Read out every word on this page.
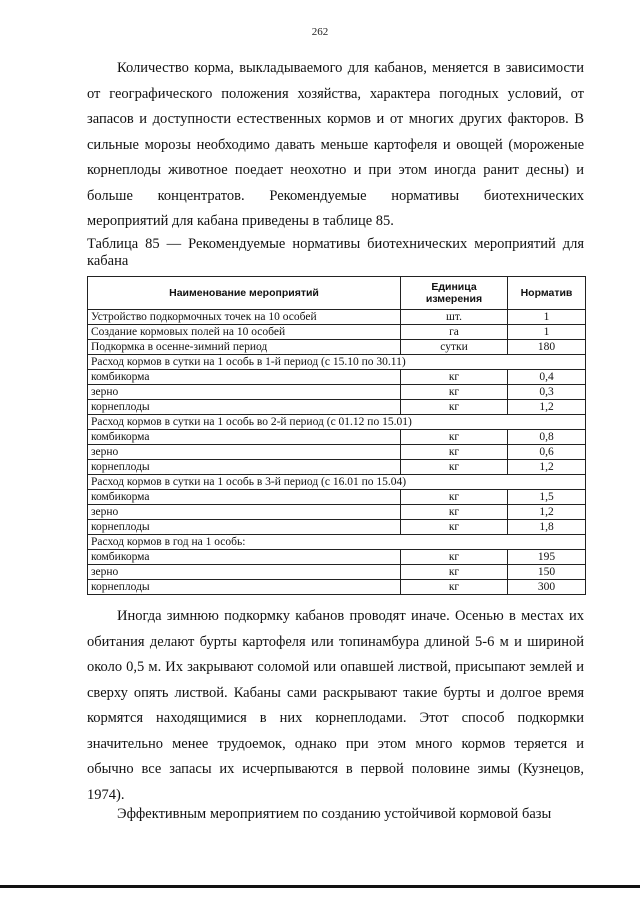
262

Количество корма, выкладываемого для кабанов, меняется в зависимости от географического положения хозяйства, характера погодных условий, от запасов и доступности естественных кормов и от многих других факторов. В сильные морозы необходимо давать меньше картофеля и овощей (мороженые корнеплоды животное поедает неохотно и при этом иногда ранит десны) и больше концентратов. Рекомендуемые нормативы биотехнических мероприятий для кабана приведены в таблице 85.

Таблица 85 — Рекомендуемые нормативы биотехнических мероприятий для кабана

Наименование мероприятий	Единица измерения	Норматив
Устройство подкормочных точек на 10 особей	шт.	1
Создание кормовых полей на 10 особей	га	1
Подкормка в осенне-зимний период	сутки	180
Расход кормов в сутки на 1 особь в 1-й период (с 15.10 по 30.11)		
комбикорма	кг	0,4
зерно	кг	0,3
корнеплоды	кг	1,2
Расход кормов в сутки на 1 особь во 2-й период (с 01.12 по 15.01)		
комбикорма	кг	0,8
зерно	кг	0,6
корнеплоды	кг	1,2
Расход кормов в сутки на 1 особь в 3-й период (с 16.01 по 15.04)		
комбикорма	кг	1,5
зерно	кг	1,2
корнеплоды	кг	1,8
Расход кормов в год на 1 особь:		
комбикорма	кг	195
зерно	кг	150
корнеплоды	кг	300

Иногда зимнюю подкормку кабанов проводят иначе. Осенью в местах их обитания делают бурты картофеля или топинамбура длиной 5-6 м и шириной около 0,5 м. Их закрывают соломой или опавшей листвой, присыпают землей и сверху опять листвой. Кабаны сами раскрывают такие бурты и долгое время кормятся находящимися в них корнеплодами. Этот способ подкормки значительно менее трудоемок, однако при этом много кормов теряется и обычно все запасы их исчерпываются в первой половине зимы (Кузнецов, 1974).

Эффективным мероприятием по созданию устойчивой кормовой базы
